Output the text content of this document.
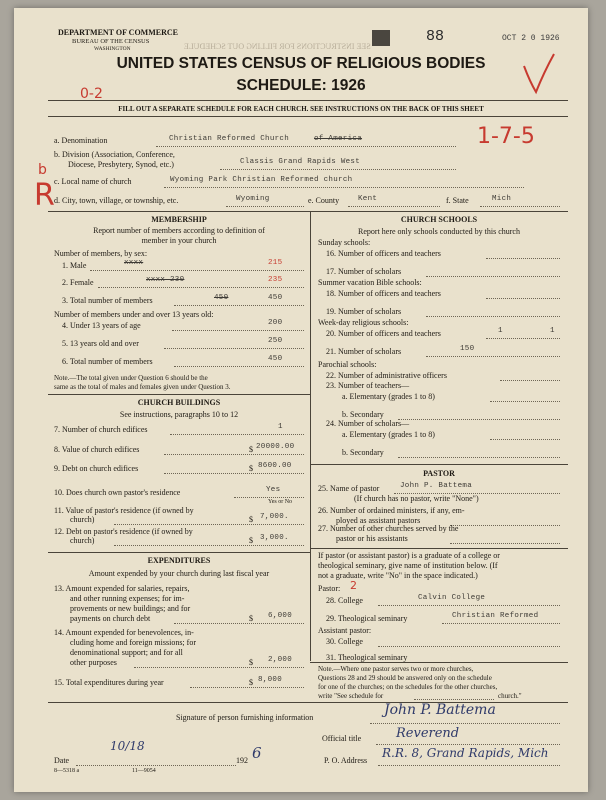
SEE INSTRUCTIONS FOR FILLING OUT SCHEDULE
DEPARTMENT OF COMMERCE
BUREAU OF THE CENSUS
WASHINGTON
88	OCT 2 0 1926
UNITED STATES CENSUS OF RELIGIOUS BODIES
SCHEDULE: 1926
0-2
FILL OUT A SEPARATE SCHEDULE FOR EACH CHURCH. SEE INSTRUCTIONS ON THE BACK OF THIS SHEET
1-7-5
b
R
a. Denomination	Christian Reformed Church	of America
b. Division (Association, Conference,
Diocese, Presbytery, Synod, etc.)	Classis Grand Rapids West
c. Local name of church	Wyoming Park Christian Reformed church
d. City, town, village, or township, etc.	Wyoming	e. County	Kent	f. State	Mich
MEMBERSHIP
Report number of members according to definition of
member in your church
Number of members, by sex:
1. Male	xxxx	215
2. Female	xxxx 230	235
3. Total number of members	450	450
Number of members under and over 13 years old:
4. Under 13 years of age	200
5. 13 years old and over	250
6. Total number of members	450
Note.—The total given under Question 6 should be the
same as the total of males and females given under Question 3.
CHURCH BUILDINGS
See instructions, paragraphs 10 to 12
7. Number of church edifices	1
8. Value of church edifices	$ 20000.00
9. Debt on church edifices	$ 8600.00
10. Does church own pastor's residence	Yes
Yes or No
11. Value of pastor's residence (if owned by
church)	$ 7,000.
12. Debt on pastor's residence (if owned by
church)	$ 3,000.
EXPENDITURES
Amount expended by your church during last fiscal year
13. Amount expended for salaries, repairs,
and other running expenses; for im-
provements or new buildings; and for
payments on church debt	$ 6,000
14. Amount expended for benevolences, in-
cluding home and foreign missions; for
denominational support; and for all
other purposes	$ 2,000
15. Total expenditures during year	$ 8,000
CHURCH SCHOOLS
Report here only schools conducted by this church
Sunday schools:
16. Number of officers and teachers
17. Number of scholars
Summer vacation Bible schools:
18. Number of officers and teachers
19. Number of scholars
Week-day religious schools:
20. Number of officers and teachers	1	1
21. Number of scholars	150
Parochial schools:
22. Number of administrative officers
23. Number of teachers—
a. Elementary (grades 1 to 8)
b. Secondary
24. Number of scholars—
a. Elementary (grades 1 to 8)
b. Secondary
PASTOR
25. Name of pastor	John P. Battema
(If church has no pastor, write "None")
26. Number of ordained ministers, if any, em-
ployed as assistant pastors
27. Number of other churches served by the
pastor or his assistants
If pastor (or assistant pastor) is a graduate of a college or
theological seminary, give name of institution below. (If
not a graduate, write "No" in the space indicated.)
Pastor: 2
28. College	Calvin College
29. Theological seminary	Christian Reformed
Assistant pastor:
30. College
31. Theological seminary
Note.—Where one pastor serves two or more churches,
Questions 28 and 29 should be answered only on the schedule
for one of the churches; on the schedules for the other churches,
write "See schedule for	church."
Signature of person furnishing information	John P. Battema
Official title	Reverend
Date
10/18
192 6	P. O. Address
R.R. 8, Grand Rapids, Mich
8—5318 a	11—9054
